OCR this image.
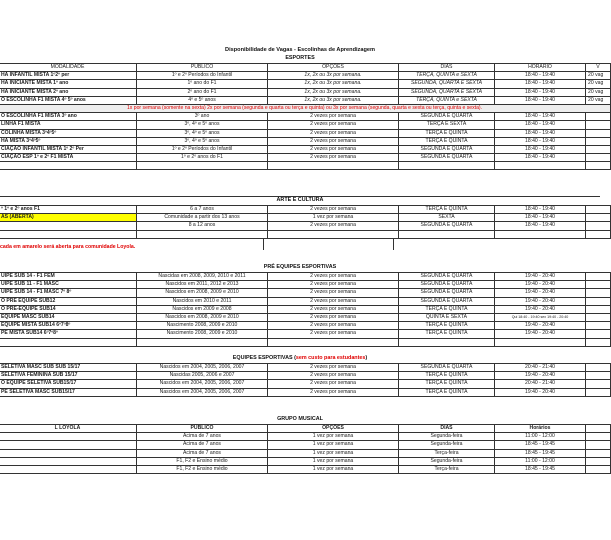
Disponibilidade de Vagas - Escolinhas de Aprendizagem
ESPORTES
MODALIDADE	PÚBLICO	OPÇÕES	DIAS	HORÁRIO	V
HA INFANTIL MISTA 1º2º per	1º e 2º Períodos do Infantil	1x, 2x ou 3x por semana.	TERÇA, QUINTA e SEXTA	18:40 - 19:40	20 vag
HA INICIANTE MISTA 1º ano	1º ano do F1	1x, 2x ou 3x por semana.	SEGUNDA, QUARTA E SEXTA	18:40 - 19:40	20 vag
HA INICIANTE MISTA 2º ano	2º ano do F1	1x, 2x ou 3x por semana.	SEGUNDA, QUARTA E SEXTA	18:40 - 19:40	20 vag
O ESCOLINHA F1 MISTA 4º 5º anos	4º e 5º anos	1x, 2x ou 3x por semana.	TERÇA, QUINTA e SEXTA	18:40 - 19:40	20 vag
1x por semana (somente na sexta) 2x por semana (segunda e quarta ou terça e quinta) ou 3x por semana (segunda, quarta e sexta ou terça, quinta e sexta).					
O ESCOLINHA F1 MISTA 3º ano	3º ano	2 vezes por semana	SEGUNDA E QUARTA	18:40 - 19:40	
LINHA F1 MISTA	3º, 4º e 5º anos	2 vezes por semana	TERÇA E SEXTA	18:40 - 19:40	
COLINHA MISTA 3º4º5º	3º, 4º e 5º anos	2 vezes por semana	TERÇA E QUINTA	18:40 - 19:40	
HA MISTA 3º4º5º	3º, 4º e 5º anos	2 vezes por semana	TERÇA E QUINTA	18:40 - 19:40	
CIAÇÃO INFANTIL MISTA 1º 2º Per	1º e 2º Períodos do Infantil	2 vezes por semana	SEGUNDA E QUARTA	18:40 - 19:40	
CIAÇÃO ESP 1º e 2º F1 MISTA	1º e 2º anos do F1	2 vezes por semana	SEGUNDA E QUARTA	18:40 - 19:40	

ARTE E CULTURA
º 1º e 2º anos F1	6 a 7 anos	2 vezes por semana	TERÇA E QUINTA	18:40 - 19:40	
AS (ABERTA)	Comunidade a partir dos 13 anos	1 vez por semana	SEXTA	18:40 - 19:40	
	8 a 12 anos	2 vezes por semana	SEGUNDA E QUARTA	18:40 - 19:40	

cada em amarelo será aberta para comunidade Loyola.
PRÉ EQUIPES ESPORTIVAS
UIPE SUB 14 - F1 FEM	Nascidas em 2008, 2009, 2010 e 2011	2 vezes por semana	SEGUNDA E QUARTA	19:40 - 20:40	
UIPE SUB 11 - F1 MASC	Nascidos em 2011, 2012 e 2013	2 vezes por semana	SEGUNDA E QUARTA	19:40 - 20:40	
UIPE SUB 14 - F1 MASC 7º 8º	Nascidos em 2008, 2009 e 2010	2 vezes por semana	SEGUNDA E QUARTA	19:40 - 20:40	
O PRÉ EQUIPE SUB12	Nascidos em 2010 e 2011	2 vezes por semana	SEGUNDA E QUARTA	19:40 - 20:40	
O PRÉ-EQUIPE SUB14	Nascidos em 2009 e 2008	2 vezes por semana	TERÇA E QUINTA	19:40 - 20:40	
EQUIPE MASC SUB14	Nascidos em 2008, 2009 e 2010	2 vezes por semana	QUINTA E SEXTA	Qui 18:40 - 19:40 sex 19:40 - 20:40	
EQUIPE MISTA SUB14 6º7º8º	Nascimento 2008, 2009 e 2010	2 vezes por semana	TERÇA E QUINTA	19:40 - 20:40	
PE MISTA SUB14 6º7º8º	Nascimento 2008, 2009 e 2010	2 vezes por semana	TERÇA E QUINTA	19:40 - 20:40	

EQUIPES ESPORTIVAS (sem custo para estudantes)
SELETIVA MASC SUB SUB 15/17	Nascidos em 2004, 2005, 2006, 2007	2 vezes por semana	SEGUNDA E QUARTA	20:40 - 21:40	
SELETIVA FEMININA SUB 15/17	Nascidas 2005, 2006 e 2007	2 vezes por semana	TERÇA E QUINTA	19:40 - 20:40	
O EQUIPE SELETIVA SUB15/17	Nascidos em 2004, 2005, 2006, 2007	2 vezes por semana	TERÇA E QUINTA	20:40 - 21:40	
PE SELETIVA MASC SUB15/17	Nascidos em 2004, 2005, 2006, 2007	2 vezes por semana	TERÇA E QUINTA	19:40 - 20:40	
GRUPO MUSICAL
L LOYOLA	PÚBLICO	OPÇÕES	DIAS	Horários	
	Acima de 7 anos	1 vez por semana	Segunda-feira	11:00 - 12:00	
	Acima de 7 anos	1 vez por semana	Segunda-feira	18:45 - 19:45	
	Acima de 7 anos	1 vez por semana	Terça-feira	18:45 - 19:45	
	F1, F2 e Ensino médio	1 vez por semana	Segunda-feira	11:00 - 12:00	
	F1, F2 e Ensino médio	1 vez por semana	Terça-feira	18:45 - 19:45	
